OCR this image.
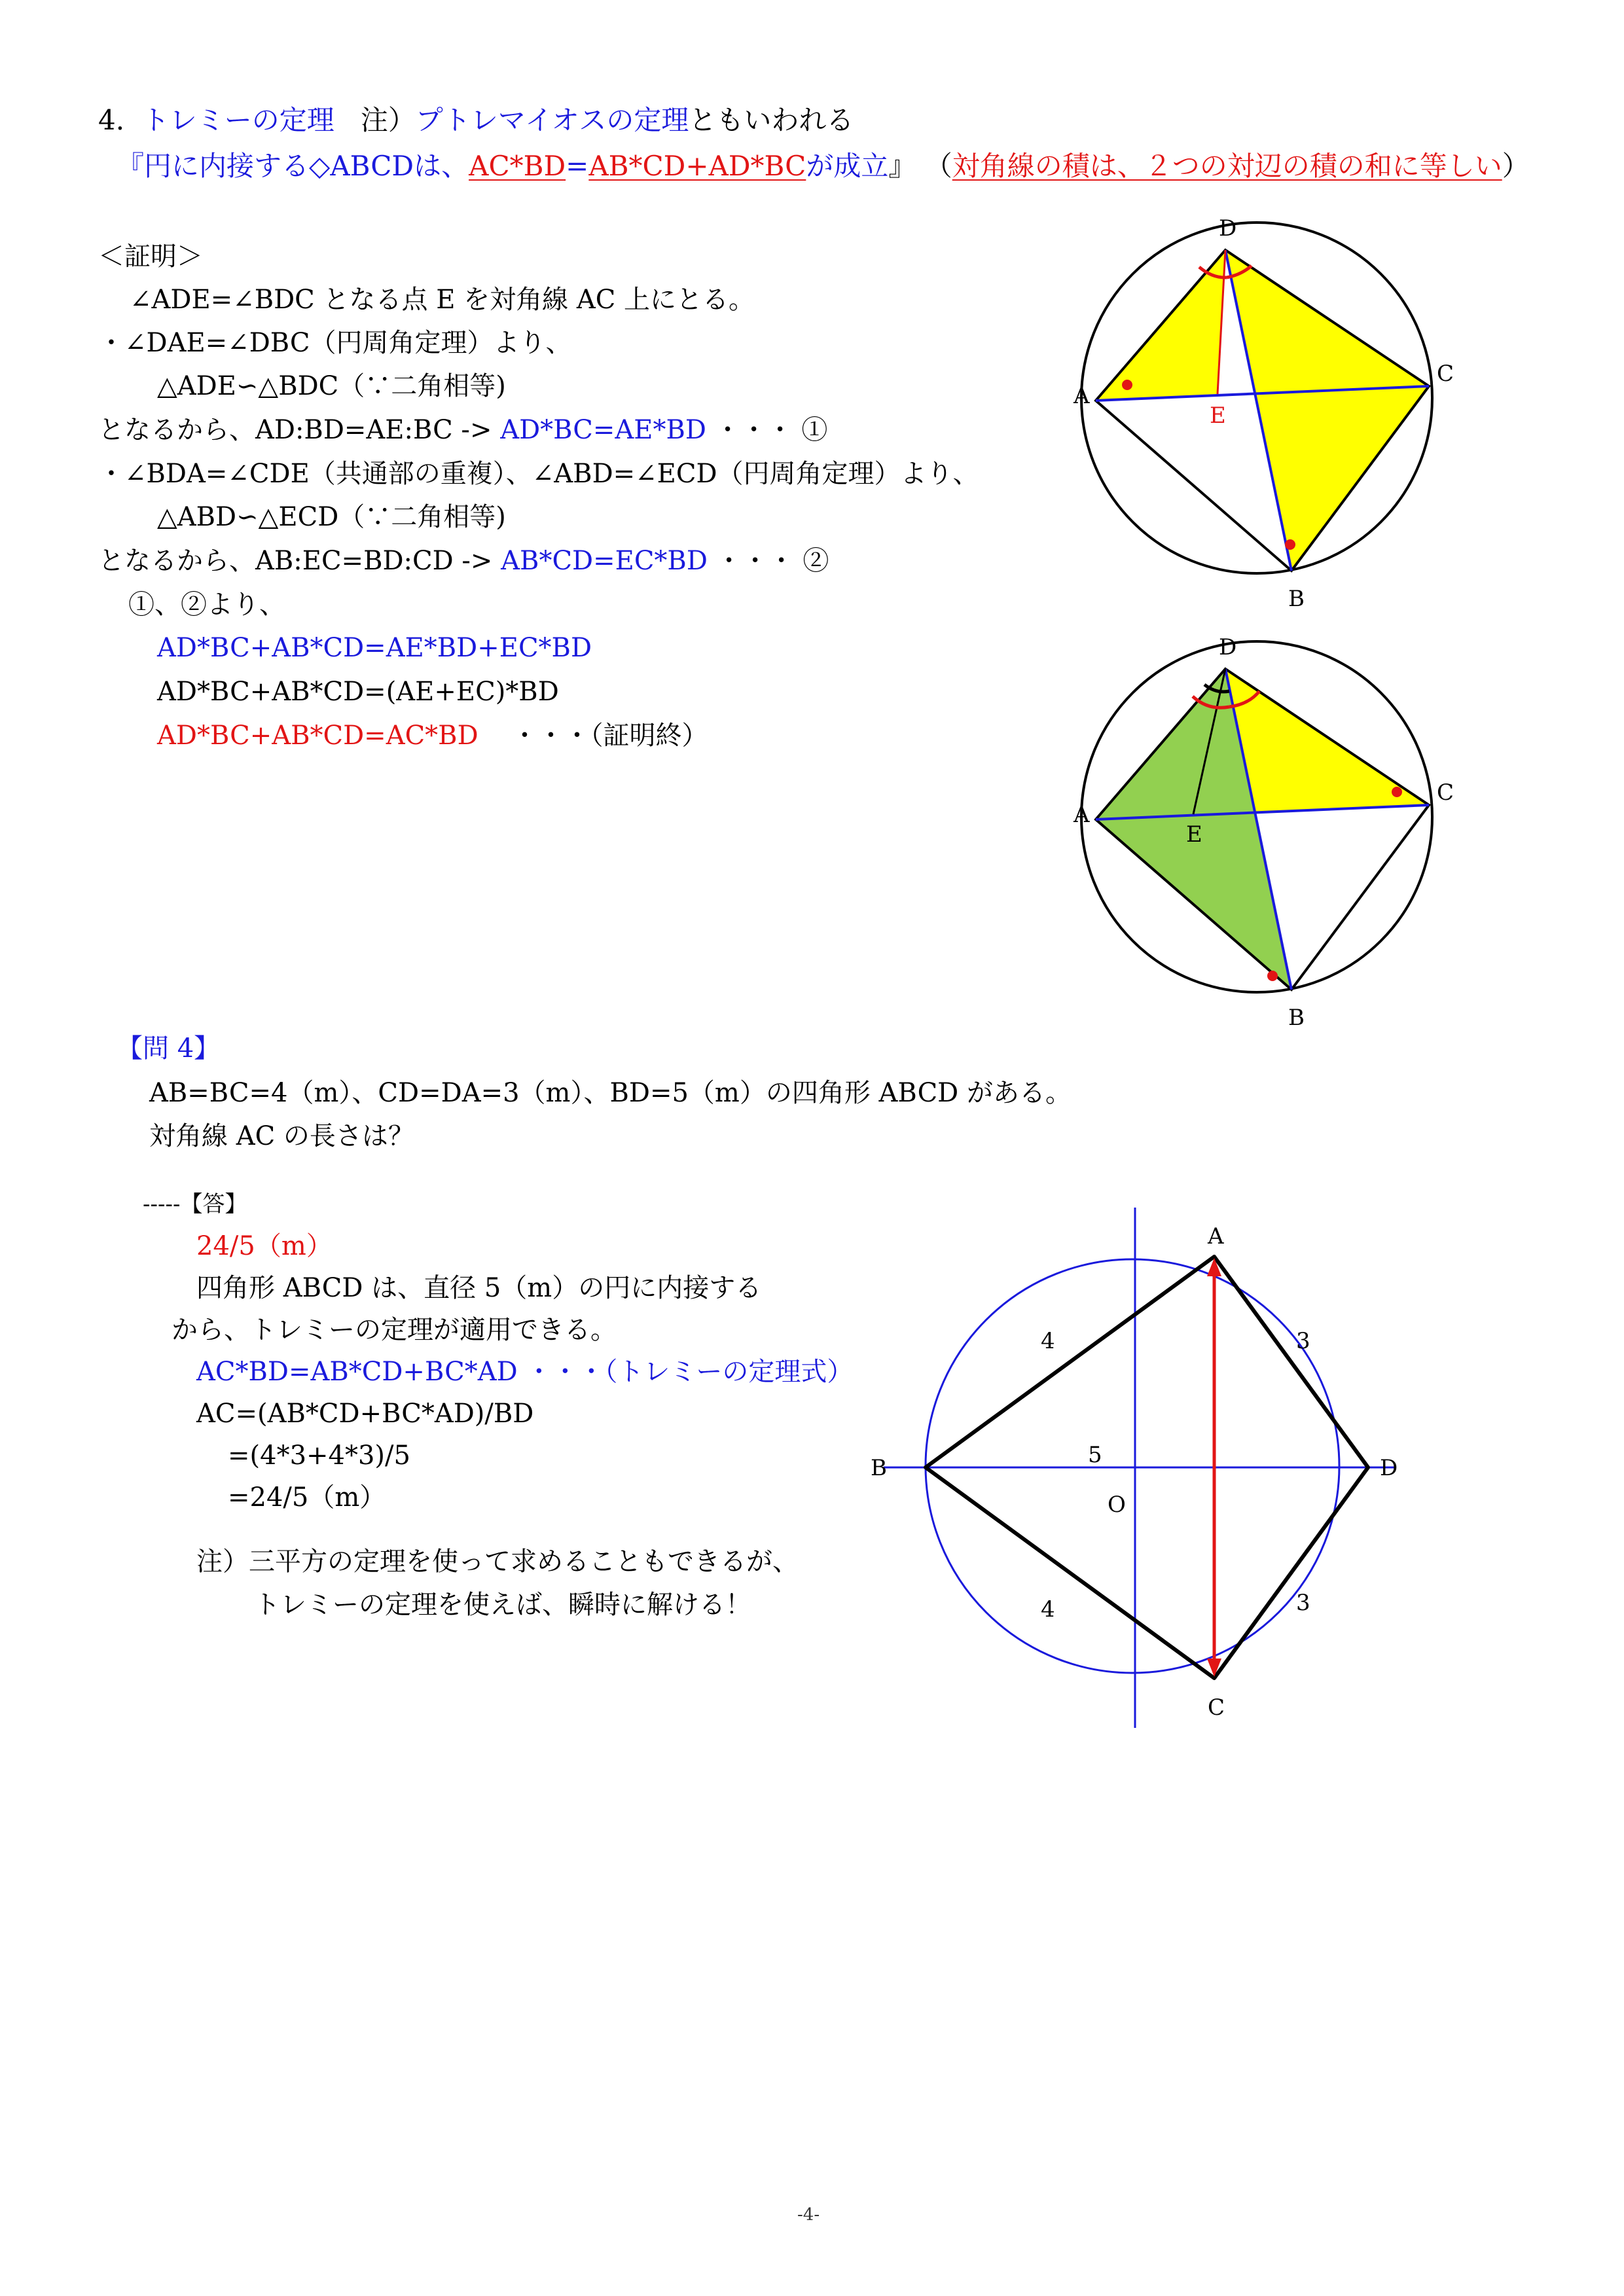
4. トレミーの定理 注）プトレマイオスの定理ともいわれる
『円に内接する◇ABCDは、AC*BD=AB*CD+AD*BCが成立』 （対角線の積は、２つの対辺の積の和に等しい）
＜証明＞
∠ADE=∠BDC となる点 E を対角線 AC 上にとる。
・∠DAE=∠DBC（円周角定理）より、
△ADE∽△BDC（∵二角相等)
となるから、AD:BD=AE:BC -> AD*BC=AE*BD ・・・ ①
・∠BDA=∠CDE（共通部の重複）、∠ABD=∠ECD（円周角定理）より、
△ABD∽△ECD（∵二角相等)
となるから、AB:EC=BD:CD -> AB*CD=EC*BD ・・・ ②
①、②より、
AD*BC+AB*CD=AE*BD+EC*BD
AD*BC+AB*CD=(AE+EC)*BD
AD*BC+AB*CD=AC*BD ・・・（証明終）
D
A
C
E
B
D
A
C
E
B
【問 4】
AB=BC=4（m）、CD=DA=3（m）、BD=5（m）の四角形 ABCD がある。
対角線 AC の長さは？
-----【答】
24/5（m）
四角形 ABCD は、直径 5（m）の円に内接する
から、トレミーの定理が適用できる。
AC*BD=AB*CD+BC*AD ・・・（トレミーの定理式）
AC=(AB*CD+BC*AD)/BD
=(4*3+4*3)/5
=24/5（m）
注）三平方の定理を使って求めることもできるが、
トレミーの定理を使えば、瞬時に解ける！
A
B
C
D
O
4	3
4	3
5
-4-
